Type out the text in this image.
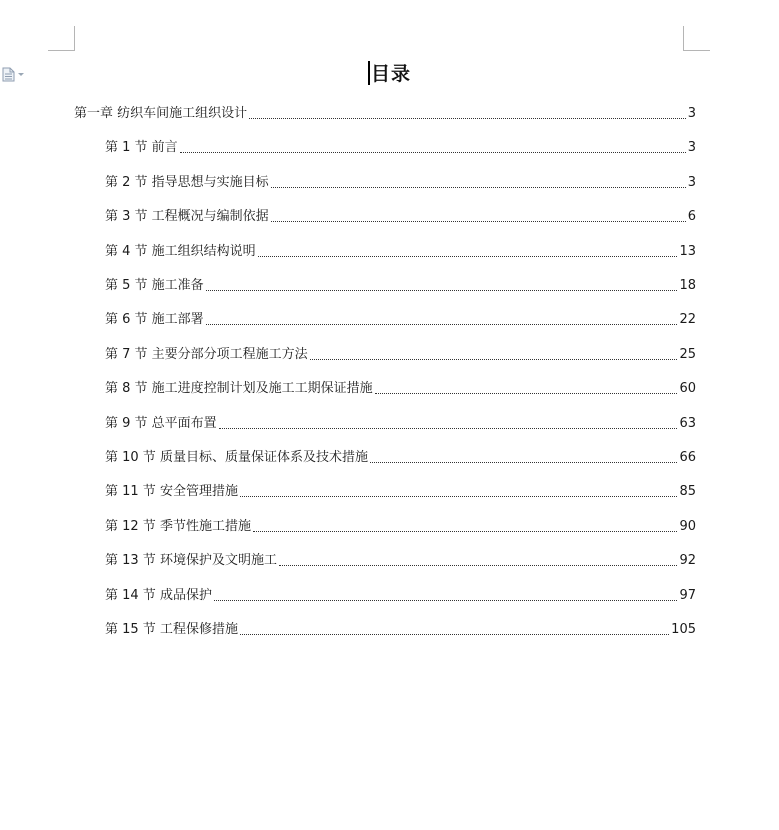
目录
第一章 纺织车间施工组织设计	3
第 1 节 前言	3
第 2 节 指导思想与实施目标	3
第 3 节 工程概况与编制依据	6
第 4 节 施工组织结构说明	13
第 5 节 施工准备	18
第 6 节 施工部署	22
第 7 节 主要分部分项工程施工方法	25
第 8 节 施工进度控制计划及施工工期保证措施	60
第 9 节 总平面布置	63
第 10 节 质量目标、质量保证体系及技术措施	66
第 11 节 安全管理措施	85
第 12 节 季节性施工措施	90
第 13 节 环境保护及文明施工	92
第 14 节 成品保护	97
第 15 节 工程保修措施	105
